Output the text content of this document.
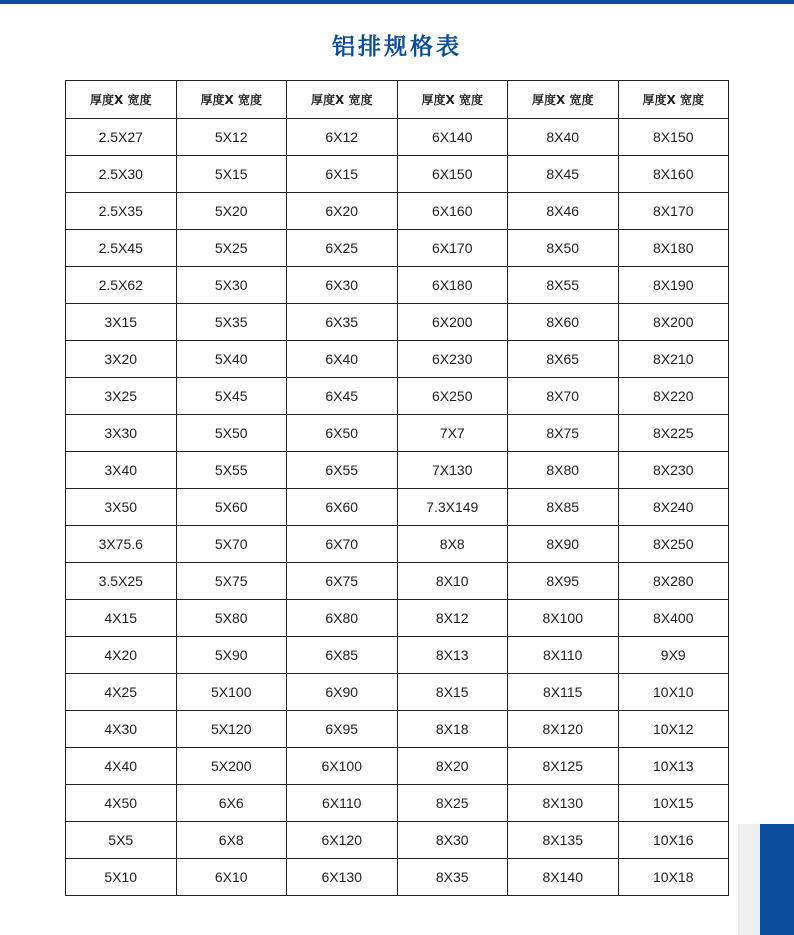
铝排规格表
厚度X 宽度	厚度X 宽度	厚度X 宽度	厚度X 宽度	厚度X 宽度	厚度X 宽度
2.5X27	5X12	6X12	6X140	8X40	8X150
2.5X30	5X15	6X15	6X150	8X45	8X160
2.5X35	5X20	6X20	6X160	8X46	8X170
2.5X45	5X25	6X25	6X170	8X50	8X180
2.5X62	5X30	6X30	6X180	8X55	8X190
3X15	5X35	6X35	6X200	8X60	8X200
3X20	5X40	6X40	6X230	8X65	8X210
3X25	5X45	6X45	6X250	8X70	8X220
3X30	5X50	6X50	7X7	8X75	8X225
3X40	5X55	6X55	7X130	8X80	8X230
3X50	5X60	6X60	7.3X149	8X85	8X240
3X75.6	5X70	6X70	8X8	8X90	8X250
3.5X25	5X75	6X75	8X10	8X95	8X280
4X15	5X80	6X80	8X12	8X100	8X400
4X20	5X90	6X85	8X13	8X110	9X9
4X25	5X100	6X90	8X15	8X115	10X10
4X30	5X120	6X95	8X18	8X120	10X12
4X40	5X200	6X100	8X20	8X125	10X13
4X50	6X6	6X110	8X25	8X130	10X15
5X5	6X8	6X120	8X30	8X135	10X16
5X10	6X10	6X130	8X35	8X140	10X18
